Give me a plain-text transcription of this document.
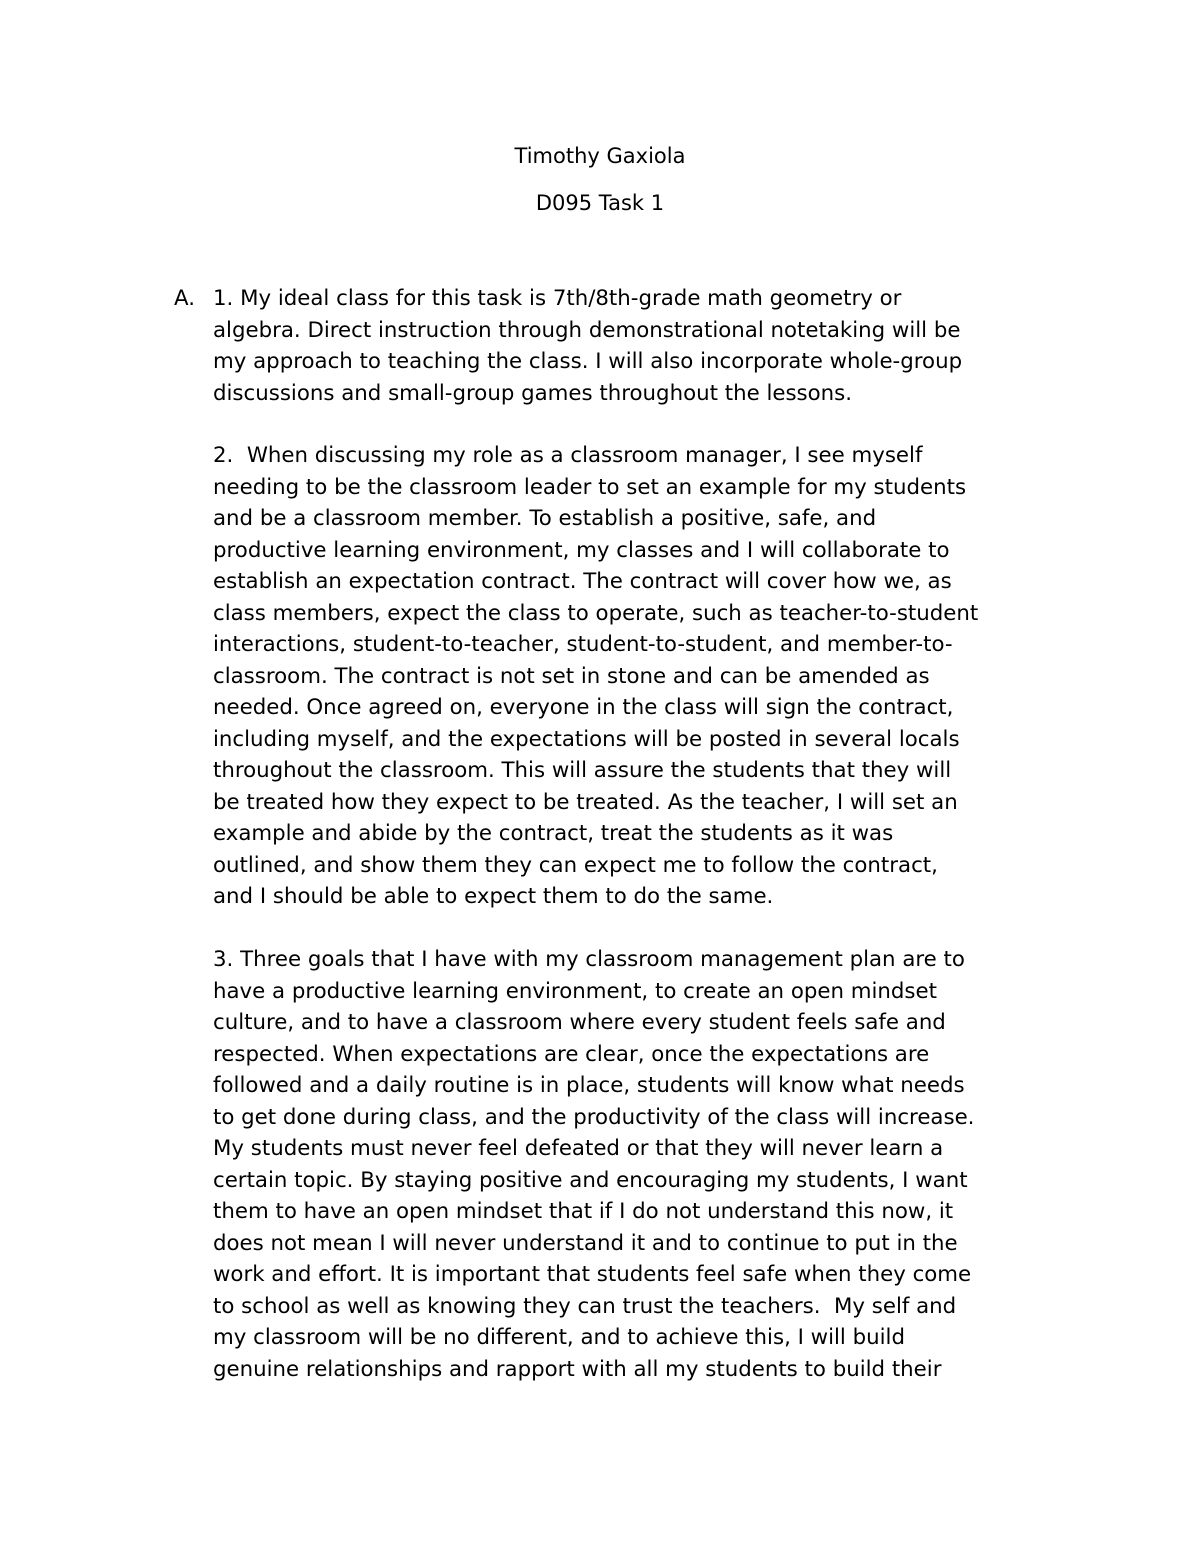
Timothy Gaxiola
D095 Task 1
A. 1. My ideal class for this task is 7th/8th-grade math geometry or
algebra. Direct instruction through demonstrational notetaking will be
my approach to teaching the class. I will also incorporate whole-group
discussions and small-group games throughout the lessons.
2.  When discussing my role as a classroom manager, I see myself
needing to be the classroom leader to set an example for my students
and be a classroom member. To establish a positive, safe, and
productive learning environment, my classes and I will collaborate to
establish an expectation contract. The contract will cover how we, as
class members, expect the class to operate, such as teacher-to-student
interactions, student-to-teacher, student-to-student, and member-to-
classroom. The contract is not set in stone and can be amended as
needed. Once agreed on, everyone in the class will sign the contract,
including myself, and the expectations will be posted in several locals
throughout the classroom. This will assure the students that they will
be treated how they expect to be treated. As the teacher, I will set an
example and abide by the contract, treat the students as it was
outlined, and show them they can expect me to follow the contract,
and I should be able to expect them to do the same.
3. Three goals that I have with my classroom management plan are to
have a productive learning environment, to create an open mindset
culture, and to have a classroom where every student feels safe and
respected. When expectations are clear, once the expectations are
followed and a daily routine is in place, students will know what needs
to get done during class, and the productivity of the class will increase.
My students must never feel defeated or that they will never learn a
certain topic. By staying positive and encouraging my students, I want
them to have an open mindset that if I do not understand this now, it
does not mean I will never understand it and to continue to put in the
work and effort. It is important that students feel safe when they come
to school as well as knowing they can trust the teachers.  My self and
my classroom will be no different, and to achieve this, I will build
genuine relationships and rapport with all my students to build their
